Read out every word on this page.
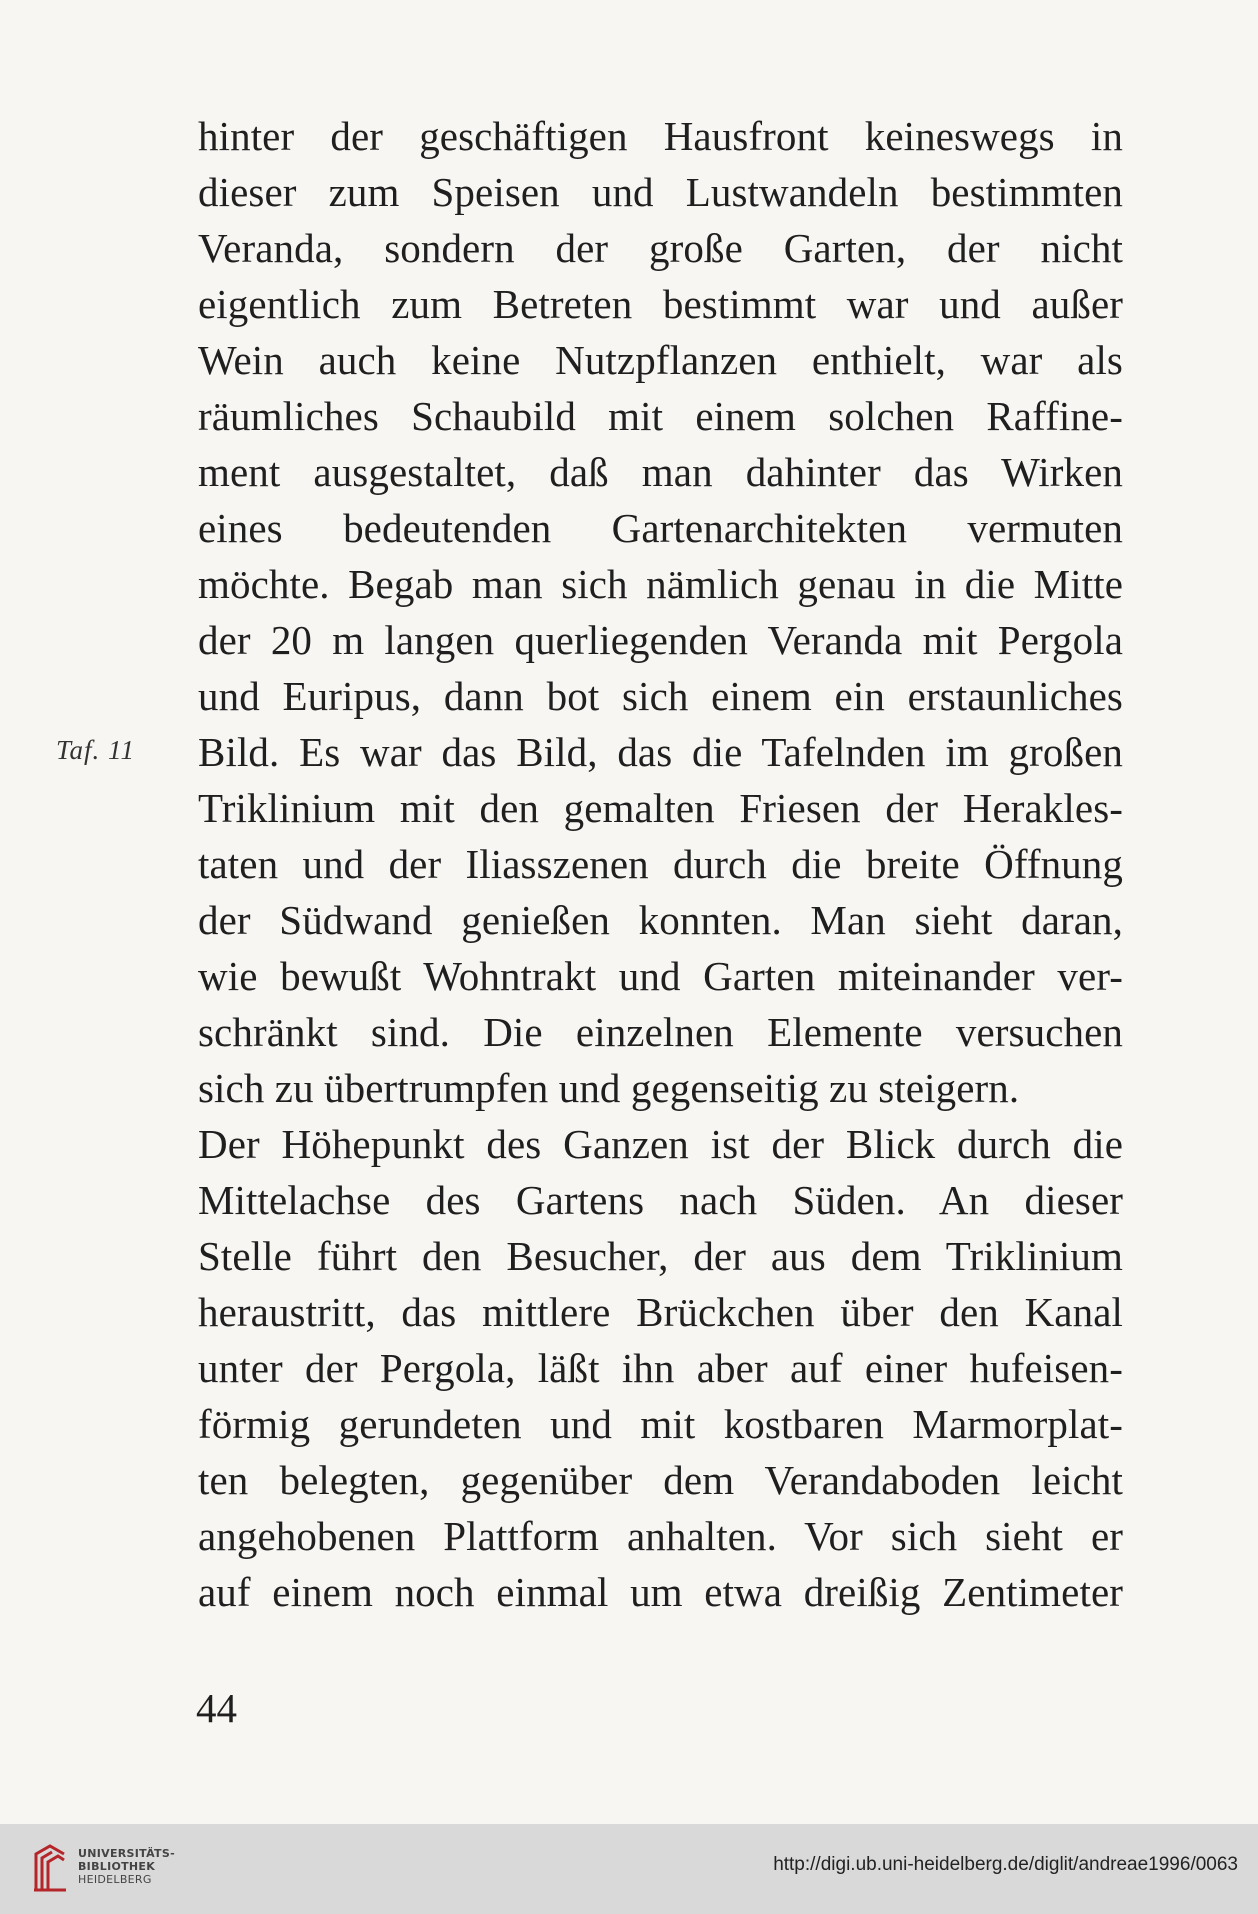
hinter der geschäftigen Hausfront keineswegs in
dieser zum Speisen und Lustwandeln bestimmten
Veranda, sondern der große Garten, der nicht
eigentlich zum Betreten bestimmt war und außer
Wein auch keine Nutzpflanzen enthielt, war als
räumliches Schaubild mit einem solchen Raffine-
ment ausgestaltet, daß man dahinter das Wirken
eines bedeutenden Gartenarchitekten vermuten
möchte. Begab man sich nämlich genau in die Mitte
der 20 m langen querliegenden Veranda mit Pergola
und Euripus, dann bot sich einem ein erstaunliches
Bild. Es war das Bild, das die Tafelnden im großen
Triklinium mit den gemalten Friesen der Herakles-
taten und der Iliasszenen durch die breite Öffnung
der Südwand genießen konnten. Man sieht daran,
wie bewußt Wohntrakt und Garten miteinander ver-
schränkt sind. Die einzelnen Elemente versuchen
sich zu übertrumpfen und gegenseitig zu steigern.
Der Höhepunkt des Ganzen ist der Blick durch die
Mittelachse des Gartens nach Süden. An dieser
Stelle führt den Besucher, der aus dem Triklinium
heraustritt, das mittlere Brückchen über den Kanal
unter der Pergola, läßt ihn aber auf einer hufeisen-
förmig gerundeten und mit kostbaren Marmorplat-
ten belegten, gegenüber dem Verandaboden leicht
angehobenen Plattform anhalten. Vor sich sieht er
auf einem noch einmal um etwa dreißig Zentimeter
Taf. 11
44
UNIVERSITÄTS-
BIBLIOTHEK
HEIDELBERG
http://digi.ub.uni-heidelberg.de/diglit/andreae1996/0063
